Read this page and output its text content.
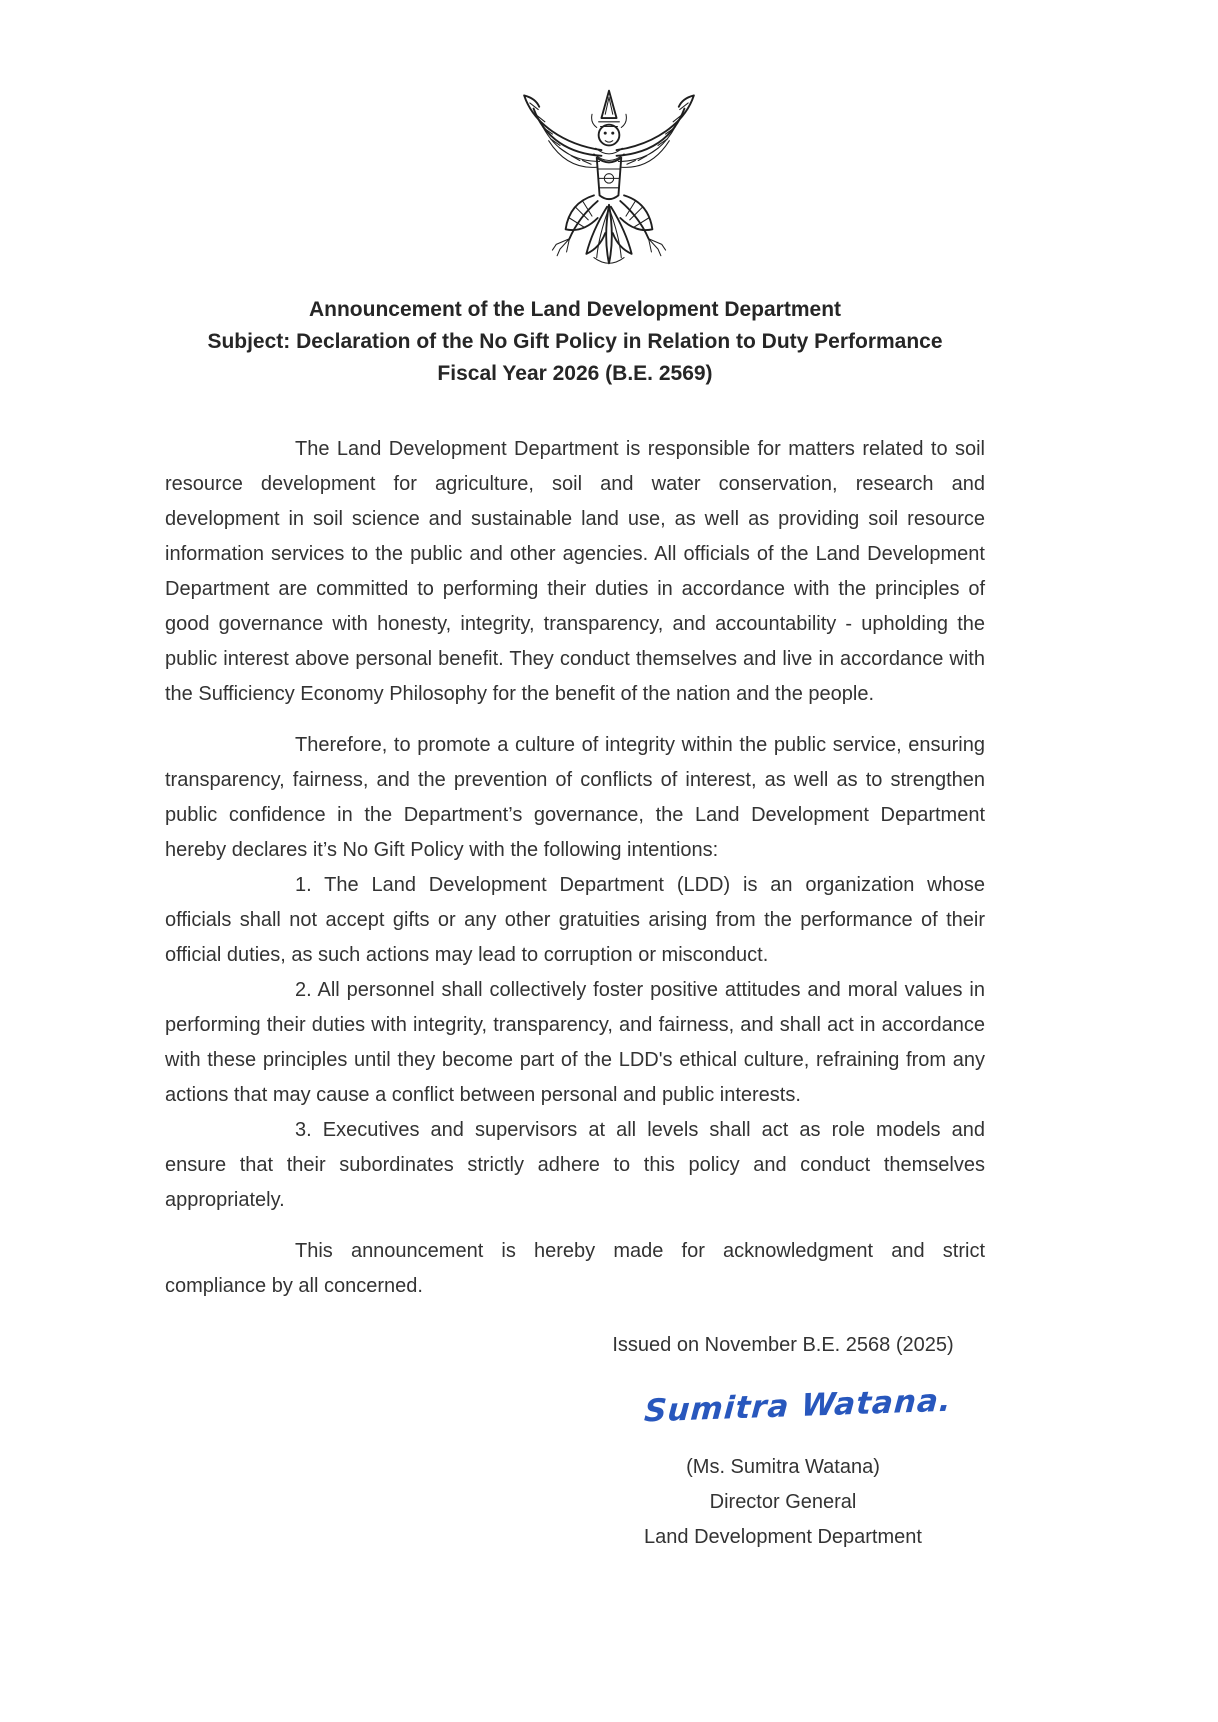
Announcement of the Land Development Department
Subject: Declaration of the No Gift Policy in Relation to Duty Performance
Fiscal Year 2026 (B.E. 2569)

The Land Development Department is responsible for matters related to soil resource development for agriculture, soil and water conservation, research and development in soil science and sustainable land use, as well as providing soil resource information services to the public and other agencies. All officials of the Land Development Department are committed to performing their duties in accordance with the principles of good governance with honesty, integrity, transparency, and accountability - upholding the public interest above personal benefit. They conduct themselves and live in accordance with the Sufficiency Economy Philosophy for the benefit of the nation and the people.

Therefore, to promote a culture of integrity within the public service, ensuring transparency, fairness, and the prevention of conflicts of interest, as well as to strengthen public confidence in the Department’s governance, the Land Development Department hereby declares it’s No Gift Policy with the following intentions:

1. The Land Development Department (LDD) is an organization whose officials shall not accept gifts or any other gratuities arising from the performance of their official duties, as such actions may lead to corruption or misconduct.

2. All personnel shall collectively foster positive attitudes and moral values in performing their duties with integrity, transparency, and fairness, and shall act in accordance with these principles until they become part of the LDD's ethical culture, refraining from any actions that may cause a conflict between personal and public interests.

3. Executives and supervisors at all levels shall act as role models and ensure that their subordinates strictly adhere to this policy and conduct themselves appropriately.

This announcement is hereby made for acknowledgment and strict compliance by all concerned.

Issued on November B.E. 2568 (2025)
Sumitra Watana.
(Ms. Sumitra Watana)
Director General
Land Development Department
